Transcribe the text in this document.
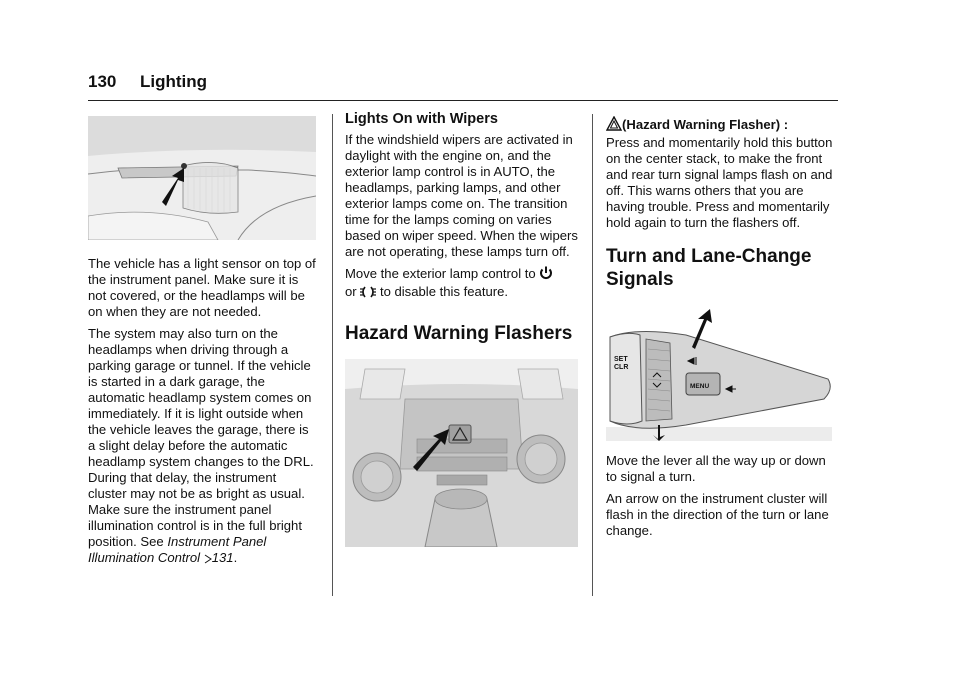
130 Lighting

The vehicle has a light sensor on top of the instrument panel. Make sure it is not covered, or the headlamps will be on when they are not needed.

The system may also turn on the headlamps when driving through a parking garage or tunnel. If the vehicle is started in a dark garage, the automatic headlamp system comes on immediately. If it is light outside when the vehicle leaves the garage, there is a slight delay before the automatic headlamp system changes to the DRL. During that delay, the instrument cluster may not be as bright as usual. Make sure the instrument panel illumination control is in the full bright position. See Instrument Panel Illumination Control 131.

Lights On with Wipers

If the windshield wipers are activated in daylight with the engine on, and the exterior lamp control is in AUTO, the headlamps, parking lamps, and other exterior lamps come on. The transition time for the lamps coming on varies based on wiper speed. When the wipers are not operating, these lamps turn off.

Move the exterior lamp control to
or to disable this feature.

Hazard Warning Flashers

(Hazard Warning Flasher) :
Press and momentarily hold this button on the center stack, to make the front and rear turn signal lamps flash on and off. This warns others that you are having trouble. Press and momentarily hold again to turn the flashers off.

Turn and Lane-Change Signals
SET
CLR
MENU

Move the lever all the way up or down to signal a turn.

An arrow on the instrument cluster will flash in the direction of the turn or lane change.
